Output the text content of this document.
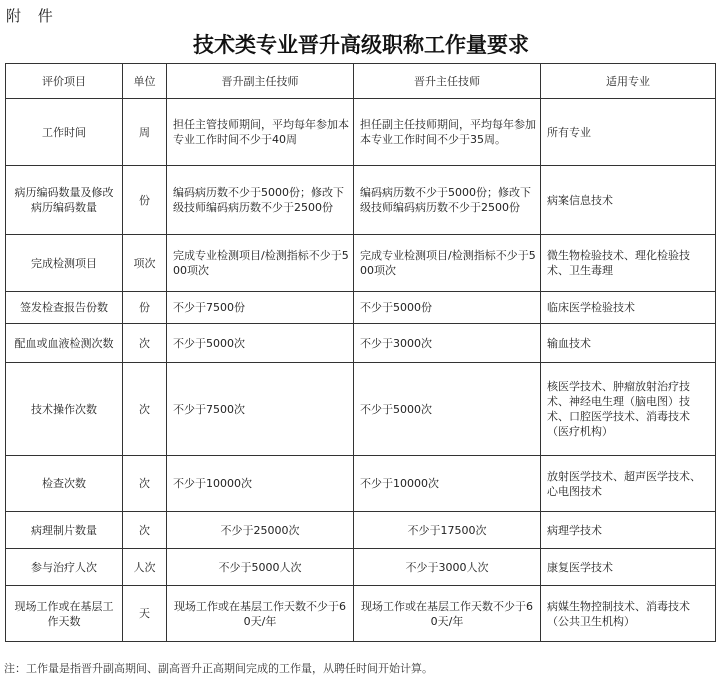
附 件
技术类专业晋升高级职称工作量要求
评价项目	单位	晋升副主任技师	晋升主任技师	适用专业
工作时间	周	担任主管技师期间，平均每年参加本专业工作时间不少于40周	担任副主任技师期间，平均每年参加本专业工作时间不少于35周。	所有专业
病历编码数量及修改病历编码数量	份	编码病历数不少于5000份；修改下级技师编码病历数不少于2500份	编码病历数不少于5000份；修改下级技师编码病历数不少于2500份	病案信息技术
完成检测项目	项次	完成专业检测项目/检测指标不少于500项次	完成专业检测项目/检测指标不少于500项次	微生物检验技术、理化检验技术、卫生毒理
签发检查报告份数	份	不少于7500份	不少于5000份	临床医学检验技术
配血或血液检测次数	次	不少于5000次	不少于3000次	输血技术
技术操作次数	次	不少于7500次	不少于5000次	核医学技术、肿瘤放射治疗技术、神经电生理（脑电图）技术、口腔医学技术、消毒技术（医疗机构）
检查次数	次	不少于10000次	不少于10000次	放射医学技术、超声医学技术、心电图技术
病理制片数量	次	不少于25000次	不少于17500次	病理学技术
参与治疗人次	人次	不少于5000人次	不少于3000人次	康复医学技术
现场工作或在基层工作天数	天	现场工作或在基层工作天数不少于60天/年	现场工作或在基层工作天数不少于60天/年	病媒生物控制技术、消毒技术（公共卫生机构）
注：工作量是指晋升副高期间、副高晋升正高期间完成的工作量，从聘任时间开始计算。
